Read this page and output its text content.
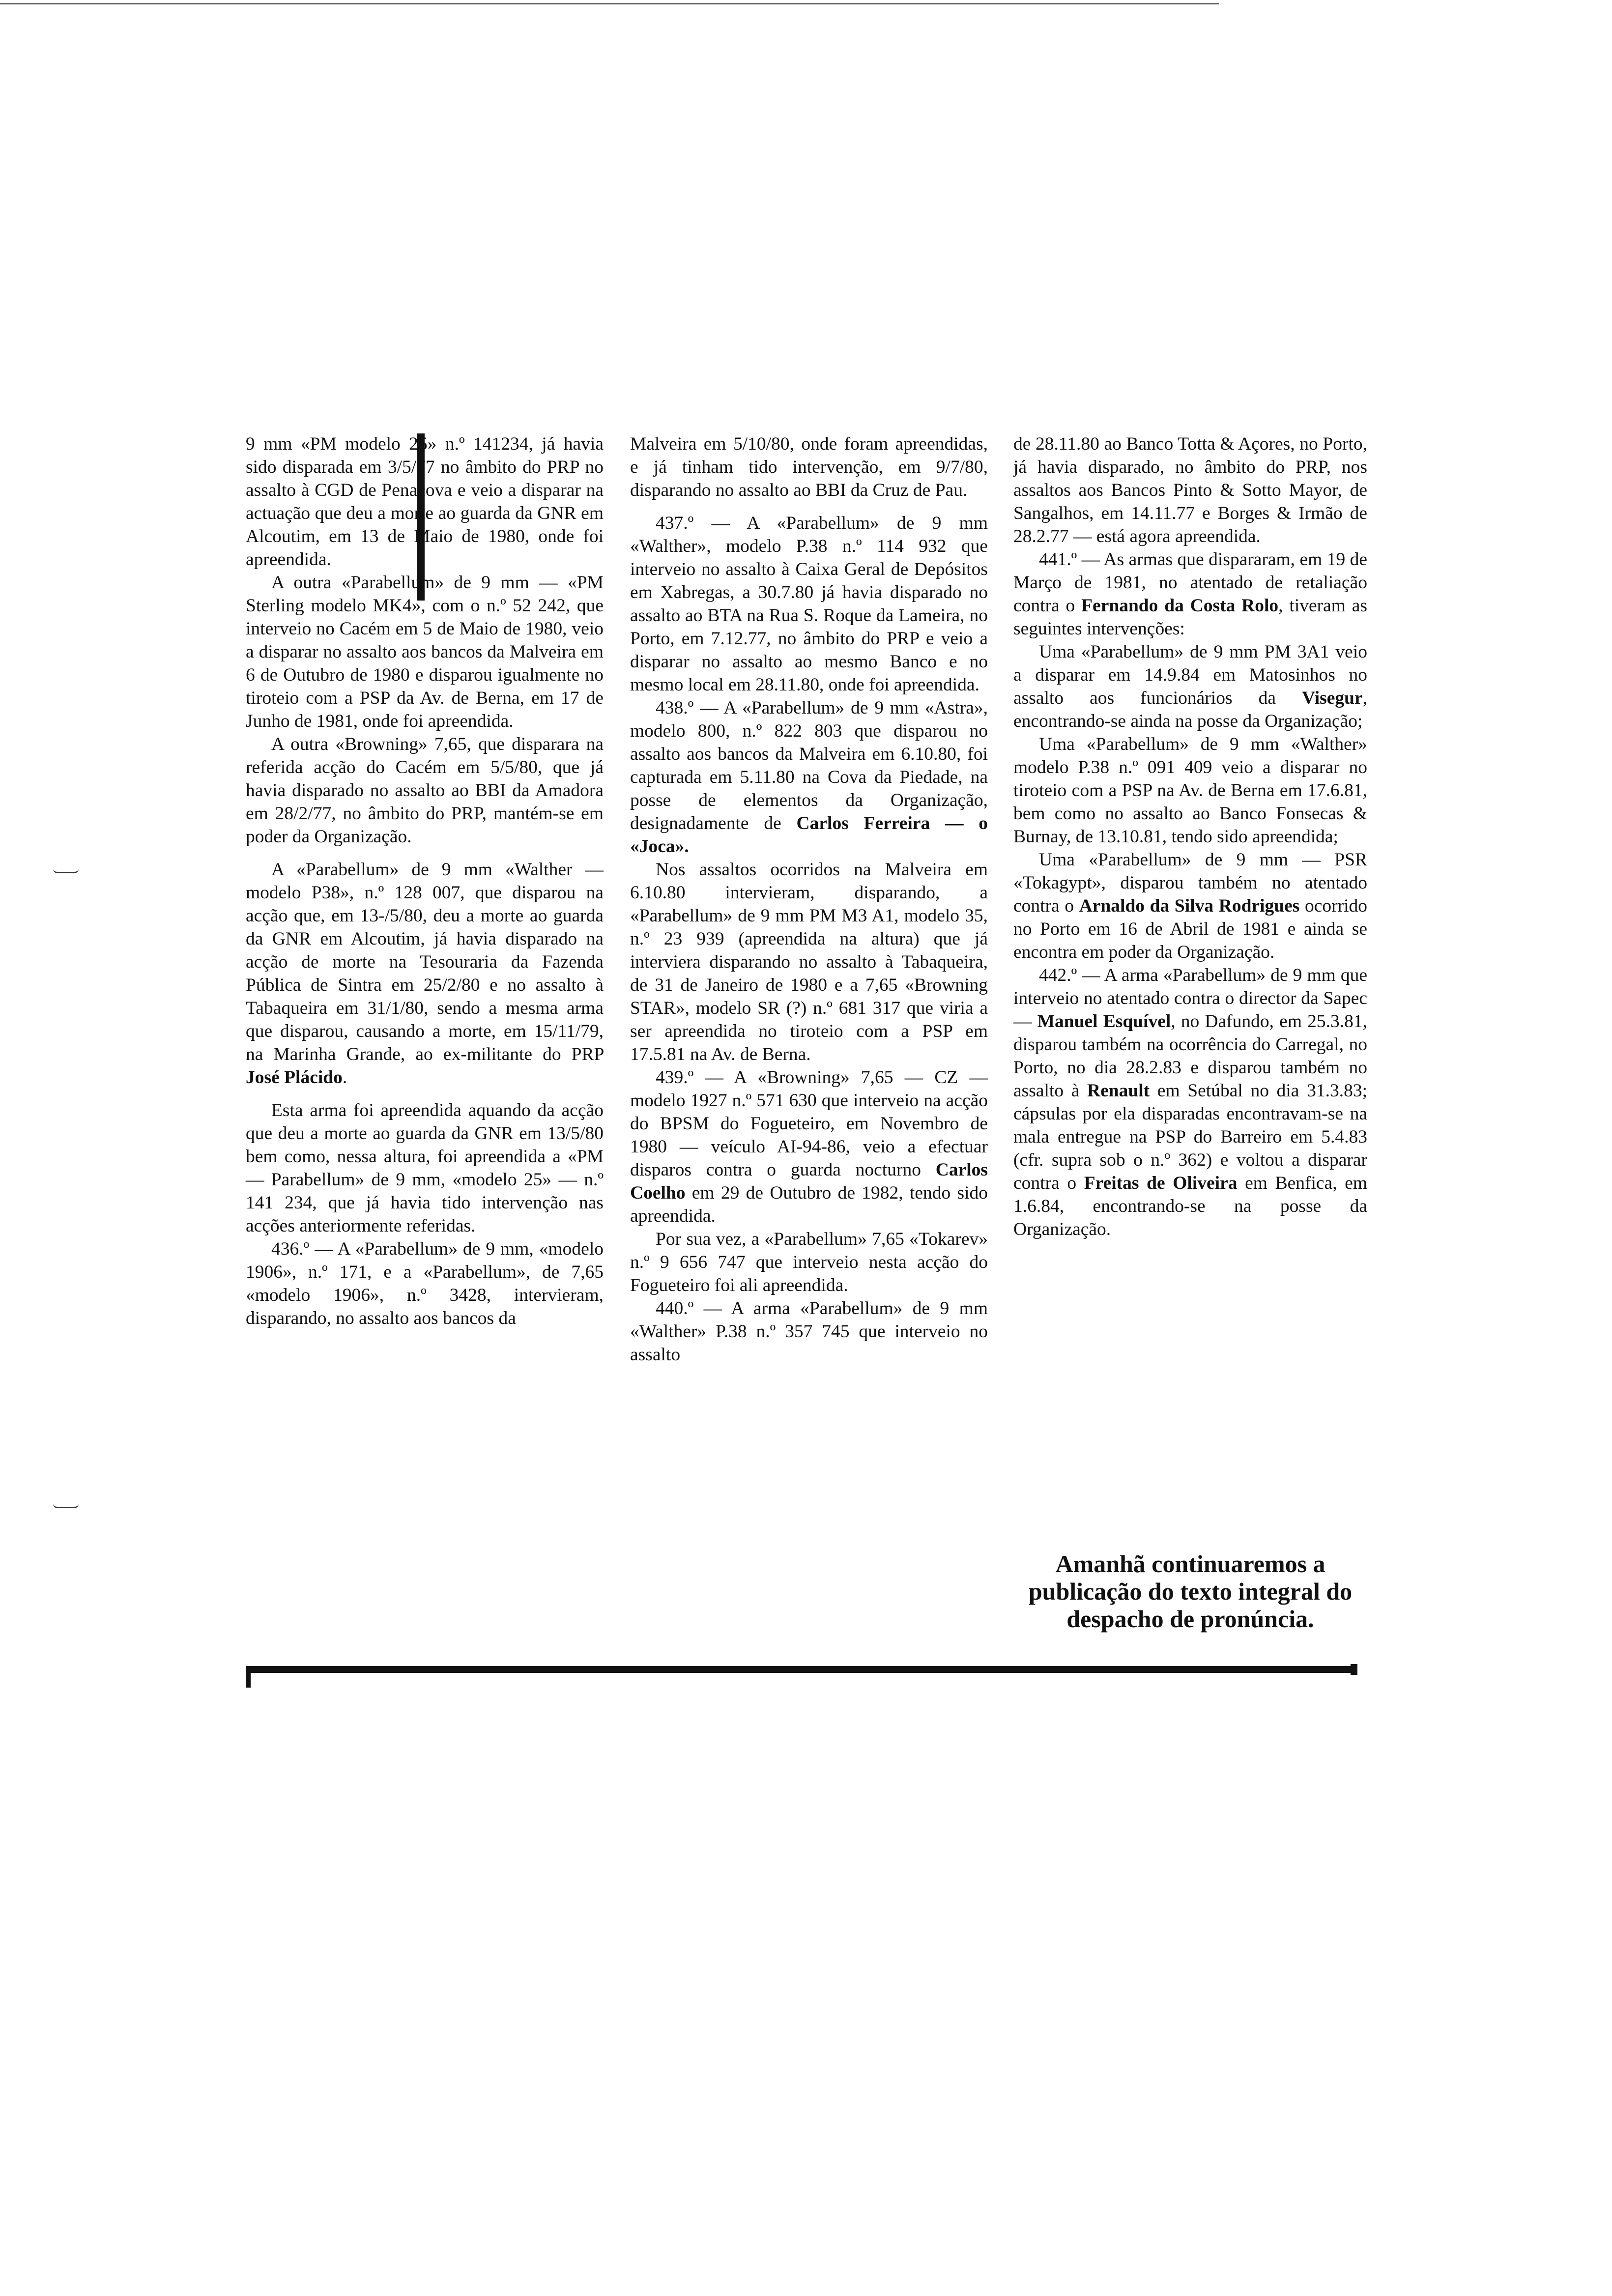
9 mm «PM modelo 25» n.º 141234, já havia sido disparada em 3/5/77 no âmbito do PRP no assalto à CGD de Penacova e veio a disparar na actuação que deu a morte ao guarda da GNR em Alcoutim, em 13 de Maio de 1980, onde foi apreendida.

A outra «Parabellum» de 9 mm — «PM Sterling modelo MK4», com o n.º 52 242, que interveio no Cacém em 5 de Maio de 1980, veio a disparar no assalto aos bancos da Malveira em 6 de Outubro de 1980 e disparou igualmente no tiroteio com a PSP da Av. de Berna, em 17 de Junho de 1981, onde foi apreendida.

A outra «Browning» 7,65, que disparara na referida acção do Cacém em 5/5/80, que já havia disparado no assalto ao BBI da Amadora em 28/2/77, no âmbito do PRP, mantém-se em poder da Organização.

A «Parabellum» de 9 mm «Walther — modelo P38», n.º 128 007, que disparou na acção que, em 13-/5/80, deu a morte ao guarda da GNR em Alcoutim, já havia disparado na acção de morte na Tesouraria da Fazenda Pública de Sintra em 25/2/80 e no assalto à Tabaqueira em 31/1/80, sendo a mesma arma que disparou, causando a morte, em 15/11/79, na Marinha Grande, ao ex-militante do PRP José Plácido.

Esta arma foi apreendida aquando da acção que deu a morte ao guarda da GNR em 13/5/80 bem como, nessa altura, foi apreendida a «PM — Parabellum» de 9 mm, «modelo 25» — n.º 141 234, que já havia tido intervenção nas acções anteriormente referidas.

436.º — A «Parabellum» de 9 mm, «modelo 1906», n.º 171, e a «Parabellum», de 7,65 «modelo 1906», n.º 3428, intervieram, disparando, no assalto aos bancos da

Malveira em 5/10/80, onde foram apreendidas, e já tinham tido intervenção, em 9/7/80, disparando no assalto ao BBI da Cruz de Pau.

437.º — A «Parabellum» de 9 mm «Walther», modelo P.38 n.º 114 932 que interveio no assalto à Caixa Geral de Depósitos em Xabregas, a 30.7.80 já havia disparado no assalto ao BTA na Rua S. Roque da Lameira, no Porto, em 7.12.77, no âmbito do PRP e veio a disparar no assalto ao mesmo Banco e no mesmo local em 28.11.80, onde foi apreendida.

438.º — A «Parabellum» de 9 mm «Astra», modelo 800, n.º 822 803 que disparou no assalto aos bancos da Malveira em 6.10.80, foi capturada em 5.11.80 na Cova da Piedade, na posse de elementos da Organização, designadamente de Carlos Ferreira — o «Joca».

Nos assaltos ocorridos na Malveira em 6.10.80 intervieram, disparando, a «Parabellum» de 9 mm PM M3 A1, modelo 35, n.º 23 939 (apreendida na altura) que já interviera disparando no assalto à Tabaqueira, de 31 de Janeiro de 1980 e a 7,65 «Browning STAR», modelo SR (?) n.º 681 317 que viria a ser apreendida no tiroteio com a PSP em 17.5.81 na Av. de Berna.

439.º — A «Browning» 7,65 — CZ — modelo 1927 n.º 571 630 que interveio na acção do BPSM do Fogueteiro, em Novembro de 1980 — veículo AI-94-86, veio a efectuar disparos contra o guarda nocturno Carlos Coelho em 29 de Outubro de 1982, tendo sido apreendida.

Por sua vez, a «Parabellum» 7,65 «Tokarev» n.º 9 656 747 que interveio nesta acção do Fogueteiro foi ali apreendida.

440.º — A arma «Parabellum» de 9 mm «Walther» P.38 n.º 357 745 que interveio no assalto

de 28.11.80 ao Banco Totta & Açores, no Porto, já havia disparado, no âmbito do PRP, nos assaltos aos Bancos Pinto & Sotto Mayor, de Sangalhos, em 14.11.77 e Borges & Irmão de 28.2.77 — está agora apreendida.

441.º — As armas que dispararam, em 19 de Março de 1981, no atentado de retaliação contra o Fernando da Costa Rolo, tiveram as seguintes intervenções:

Uma «Parabellum» de 9 mm PM 3A1 veio a disparar em 14.9.84 em Matosinhos no assalto aos funcionários da Visegur, encontrando-se ainda na posse da Organização;

Uma «Parabellum» de 9 mm «Walther» modelo P.38 n.º 091 409 veio a disparar no tiroteio com a PSP na Av. de Berna em 17.6.81, bem como no assalto ao Banco Fonsecas & Burnay, de 13.10.81, tendo sido apreendida;

Uma «Parabellum» de 9 mm — PSR «Tokagypt», disparou também no atentado contra o Arnaldo da Silva Rodrigues ocorrido no Porto em 16 de Abril de 1981 e ainda se encontra em poder da Organização.

442.º — A arma «Parabellum» de 9 mm que interveio no atentado contra o director da Sapec — Manuel Esquível, no Dafundo, em 25.3.81, disparou também na ocorrência do Carregal, no Porto, no dia 28.2.83 e disparou também no assalto à Renault em Setúbal no dia 31.3.83; cápsulas por ela disparadas encontravam-se na mala entregue na PSP do Barreiro em 5.4.83 (cfr. supra sob o n.º 362) e voltou a disparar contra o Freitas de Oliveira em Benfica, em 1.6.84, encontrando-se na posse da Organização.

Amanhã continuaremos a publicação do texto integral do despacho de pronúncia.
